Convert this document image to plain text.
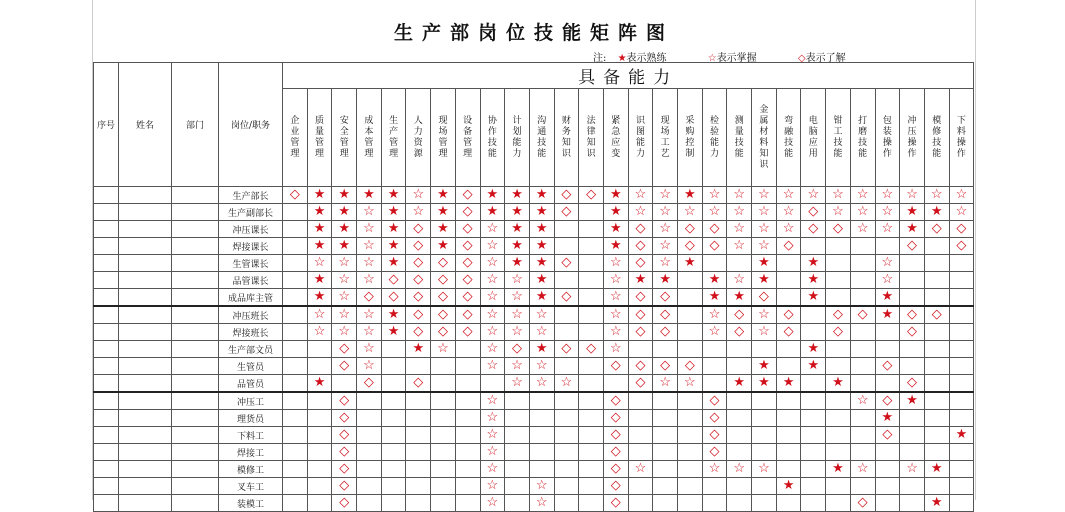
生产部岗位技能矩阵图
注: ★表示熟练	☆表示掌握	◇表示了解
序号	姓名	部门	岗位/职务	具备能力																											

				企业管理	质量管理	安全管理	成本管理	生产管理	人力资源	现场管理	设备管理	协作技能	计划能力	沟通技能	财务知识	法律知识	紧急应变	识图能力	现场工艺	采购控制	检验能力	测量技能	金属材料知识	弯融技能	电脑应用	钳工技能	打磨技能	包装操作	冲压操作	模修技能	下料操作

			生产部长	◇	★	★	★	★	☆	★	◇	★	★	★	◇	◇	★	☆	☆	★	☆	☆	☆	☆	☆	☆	☆	☆	☆	☆	☆
			生产副部长		★	★	☆	★	☆	★	◇	★	★	★	◇		★	☆	☆	☆	☆	☆	☆	☆	◇	☆	☆	☆	★	★	☆
			冲压课长		★	★	☆	★	◇	★	◇	☆	★	★			★	◇	☆	◇	◇	☆	☆	☆	◇	◇	☆	☆	★	◇	◇
			焊接课长		★	★	☆	★	◇	★	◇	☆	★	★			★	◇	☆	◇	◇	☆	☆	◇					◇		◇
			生管课长		☆	☆	☆	★	◇	◇	◇	☆	★	★	◇		☆	◇	☆	★			★		★			☆			
			品管课长		★	☆	☆	◇	◇	◇	◇	☆	☆	★			☆	★	★		★	☆	★		★			☆			
			成品库主管		★	☆	◇	◇	◇	◇	◇	☆	☆	★	◇		☆	◇	◇		★	★	◇		★			★			
			冲压班长		☆	☆	☆	★	◇	◇	◇	☆	☆	☆			☆	◇	◇		☆	◇	☆	◇		◇	◇	★	◇	◇	
			焊接班长		☆	☆	☆	★	◇	◇	◇	☆	☆	☆			☆	◇	◇		☆	◇	☆	◇		◇			◇		
			生产部文员			◇	☆		★	☆		☆	◇	★	◇	◇	☆								★						
			生管员			◇	☆					☆	☆	☆			◇	◇	◇	◇			★		★			◇			
			品管员		★		◇		◇				☆	☆	☆			◇	☆	☆		★	★	★		★			◇		
			冲压工			◇						☆					◇				◇						☆	◇	★		
			理货员			◇						☆					◇				◇							★			
			下料工			◇						☆					◇				◇							◇			★
			焊接工			◇						☆					◇				◇										
			模修工			◇						☆					◇	☆			☆	☆	☆			★	☆		☆	★	
			叉车工			◇						☆		☆			◇							★							
			装模工			◇						☆		☆			◇										◇			★	
